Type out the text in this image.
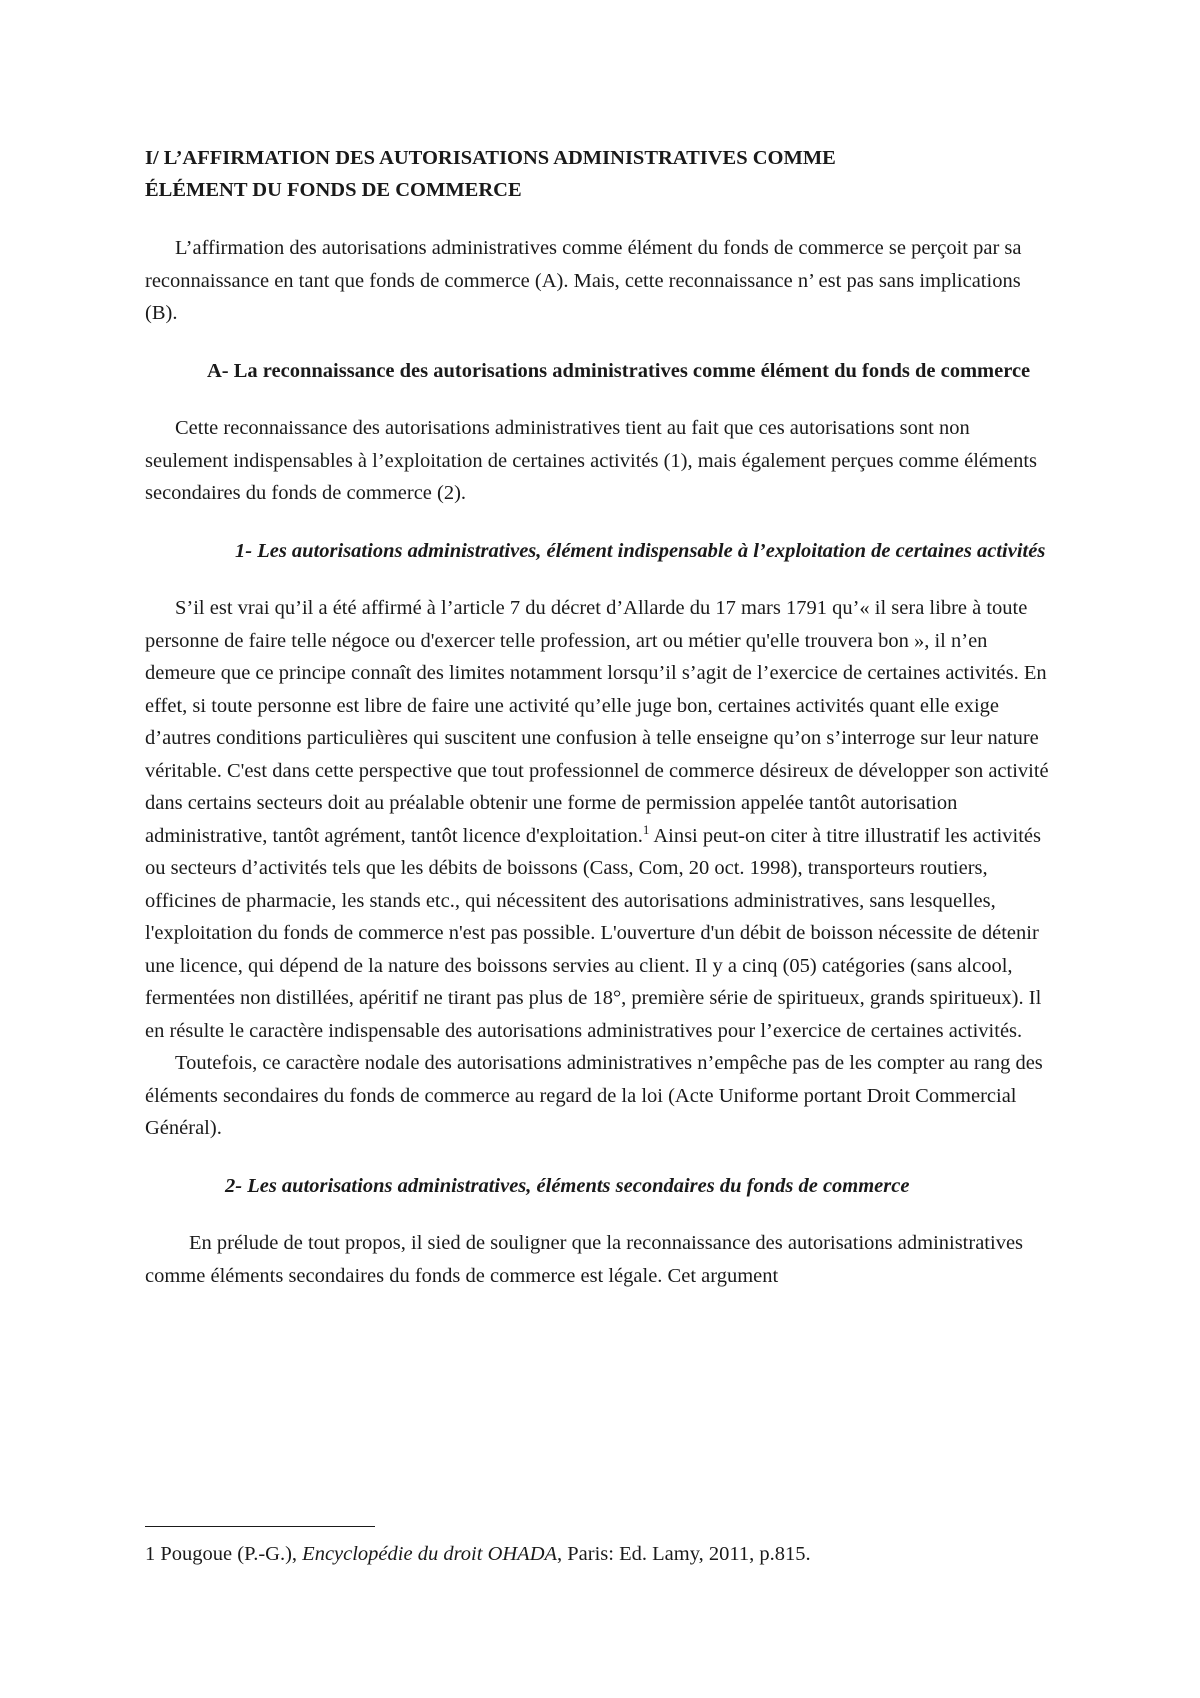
I/ L’AFFIRMATION DES AUTORISATIONS ADMINISTRATIVES COMME
ÉLÉMENT DU FONDS DE COMMERCE

L’affirmation des autorisations administratives comme élément du fonds de commerce se perçoit par sa reconnaissance en tant que fonds de commerce (A). Mais, cette reconnaissance n’ est pas sans implications (B).

A- La reconnaissance des autorisations administratives comme élément du fonds de commerce

Cette reconnaissance des autorisations administratives tient au fait que ces autorisations sont non seulement indispensables à l’exploitation de certaines activités (1), mais également perçues comme éléments secondaires du fonds de commerce (2).

1- Les autorisations administratives, élément indispensable à l’exploitation de certaines activités

S’il est vrai qu’il a été affirmé à l’article 7 du décret d’Allarde du 17 mars 1791 qu’« il sera libre à toute personne de faire telle négoce ou d'exercer telle profession, art ou métier qu'elle trouvera bon », il n’en demeure que ce principe connaît des limites notamment lorsqu’il s’agit de l’exercice de certaines activités. En effet, si toute personne est libre de faire une activité qu’elle juge bon, certaines activités quant elle exige d’autres conditions particulières qui suscitent une confusion à telle enseigne qu’on s’interroge sur leur nature véritable. C'est dans cette perspective que tout professionnel de commerce désireux de développer son activité dans certains secteurs doit au préalable obtenir une forme de permission appelée tantôt autorisation administrative, tantôt agrément, tantôt licence d'exploitation.$^1$ Ainsi peut-on citer à titre illustratif les activités ou secteurs d’activités tels que les débits de boissons (Cass, Com, 20 oct. 1998), transporteurs routiers, officines de pharmacie, les stands etc., qui nécessitent des autorisations administratives, sans lesquelles, l'exploitation du fonds de commerce n'est pas possible. L'ouverture d'un débit de boisson nécessite de détenir une licence, qui dépend de la nature des boissons servies au client. Il y a cinq (05) catégories (sans alcool, fermentées non distillées, apéritif ne tirant pas plus de 18°, première série de spiritueux, grands spiritueux). Il en résulte le caractère indispensable des autorisations administratives pour l’exercice de certaines activités.

Toutefois, ce caractère nodale des autorisations administratives n’empêche pas de les compter au rang des éléments secondaires du fonds de commerce au regard de la loi (Acte Uniforme portant Droit Commercial Général).

2- Les autorisations administratives, éléments secondaires du fonds de commerce

En prélude de tout propos, il sied de souligner que la reconnaissance des autorisations administratives comme éléments secondaires du fonds de commerce est légale. Cet argument

1 Pougoue (P.-G.), Encyclopédie du droit OHADA, Paris: Ed. Lamy, 2011, p.815.
